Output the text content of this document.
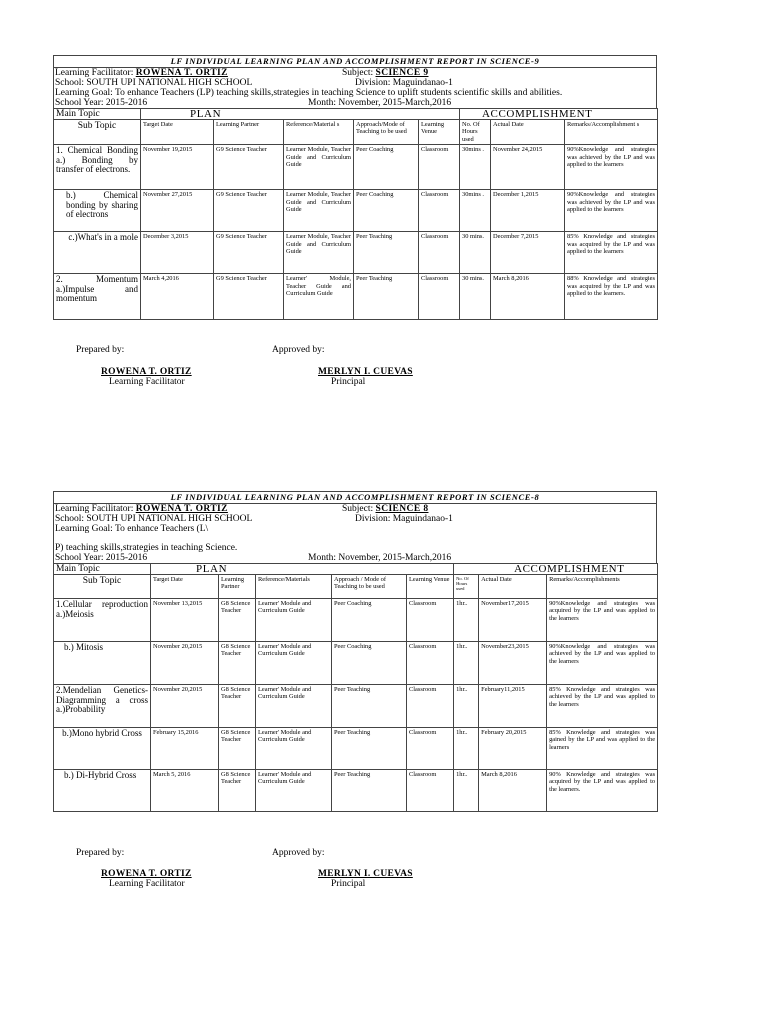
LF INDIVIDUAL LEARNING PLAN AND ACCOMPLISHMENT REPORT IN SCIENCE-9
Learning Facilitator: ROWENA T. ORTIZ	Subject: SCIENCE 9
School: SOUTH UPI NATIONAL HIGH SCHOOL	Division: Maguindanao-1
Learning Goal: To enhance Teachers (LP) teaching skills,strategies in teaching Science to uplift students scientific skills and abilities.
School Year: 2015-2016	Month: November, 2015-March,2016
Main Topic	PLAN					ACCOMPLISHMENT		
Sub Topic	Target Date	Learning Partner	Reference/Material s	Approach/Mode of Teaching to be used	Learning Venue	No. Of Hours used	Actual Date	Remarks/Accomplishment s
1. Chemical Bonding a.) Bonding by transfer of electrons.	November 19,2015	G9 Science Teacher	Learner Module, Teacher Guide and Curriculum Guide	Peer Coaching	Classroom	30mins .	November 24,2015	90%Knowledge and strategies was achieved by the LP and was applied to the learners
b.) Chemical bonding by sharing of electrons	November 27,2015	G9 Science Teacher	Learner Module, Teacher Guide and Curriculum Guide	Peer Coaching	Classroom	30mins .	December 1,2015	90%Knowledge and strategies was achieved by the LP and was applied to the learners
c.)What's in a mole	December 3,2015	G9 Science Teacher	Learner Module, Teacher Guide and Curriculum Guide	Peer Teaching	Classroom	30 mins.	December 7,2015	85% Knowledge and strategies was acquired by the LP and was applied to the learners
2. Momentum a.)Impulse and momentum	March 4,2016	G9 Science Teacher	Learner' Module, Teacher Guide and Curriculum Guide	Peer Teaching	Classroom	30 mins.	March 8,2016	88% Knowledge and strategies was acquired by the LP and was applied to the learners.
Prepared by:	Approved by:
ROWENA T. ORTIZ
Learning Facilitator
MERLYN I. CUEVAS
Principal
LF INDIVIDUAL LEARNING PLAN AND ACCOMPLISHMENT REPORT IN SCIENCE-8
Learning Facilitator: ROWENA T. ORTIZ	Subject: SCIENCE 8
School: SOUTH UPI NATIONAL HIGH SCHOOL	Division: Maguindanao-1
Learning Goal: To enhance Teachers (L\
P) teaching skills,strategies in teaching Science.
School Year: 2015-2016	Month: November, 2015-March,2016
Main Topic	PLAN					ACCOMPLISHMENT		
Sub Topic	Target Date	Learning Partner	Reference/Materials	Approach / Mode of Teaching to be used	Learning Venue	No. Of Hours used	Actual Date	Remarks/Accomplishments
1.Cellular reproduction a.)Meiosis	November 13,2015	G8 Science Teacher	Learner' Module and Curriculum Guide	Peer Coaching	Classroom	1hr..	November17,2015	90%Knowledge and strategies was acquired by the LP and was applied to the learners
b.) Mitosis	November 20,2015	G8 Science Teacher	Learner' Module and Curriculum Guide	Peer Coaching	Classroom	1hr..	November23,2015	90%Knowledge and strategies was achieved by the LP and was applied to the learners
2.Mendelian Genetics-Diagramming a cross a.)Probability	November 20,2015	G8 Science Teacher	Learner' Module and Curriculum Guide	Peer Teaching	Classroom	1hr..	February11,2015	85% Knowledge and strategies was achieved by the LP and was applied to the learners
b.)Mono hybrid Cross	February 15,2016	G8 Science Teacher	Learner' Module and Curriculum Guide	Peer Teaching	Classroom	1hr..	February 20,2015	85% Knowledge and strategies was gained by the LP and was applied to the learners
b.) Di-Hybrid Cross	March 5, 2016	G8 Science Teacher	Learner' Module and Curriculum Guide	Peer Teaching	Classroom	1hr..	March 8,2016	90% Knowledge and strategies was acquired by the LP and was applied to the learners.
Prepared by:	Approved by:
ROWENA T. ORTIZ
Learning Facilitator
MERLYN I. CUEVAS
Principal
